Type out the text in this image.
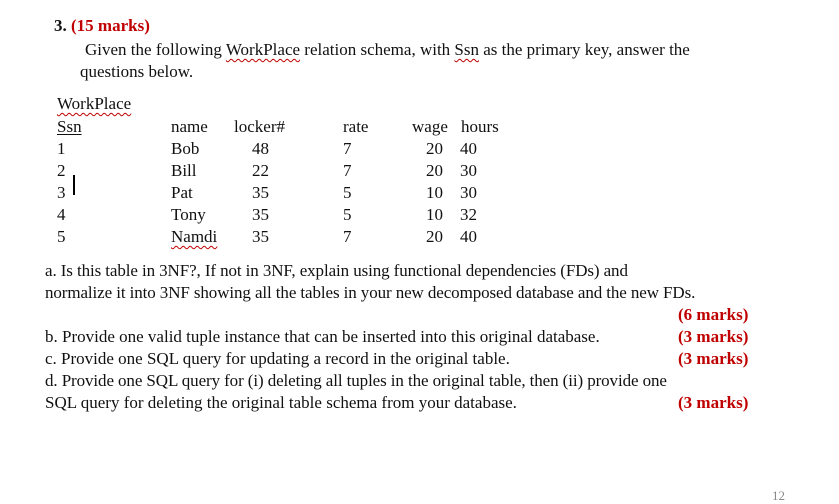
3. (15 marks)
Given the following WorkPlace relation schema, with Ssn as the primary key, answer the
questions below.
WorkPlace
Ssn	name locker#	rate	wage hours
1	Bob	48	7	20 40
2	Bill	22	7	20 30
3	Pat	35	5	10 30
4	Tony	35	5	10 32
5	Namdi 35	7	20 40
a. Is this table in 3NF?, If not in 3NF, explain using functional dependencies (FDs) and
normalize it into 3NF showing all the tables in your new decomposed database and the new FDs.
(6 marks)
b. Provide one valid tuple instance that can be inserted into this original database.	(3 marks)
c. Provide one SQL query for updating a record in the original table.	(3 marks)
d. Provide one SQL query for (i) deleting all tuples in the original table, then (ii) provide one
SQL query for deleting the original table schema from your database.	(3 marks)
12
